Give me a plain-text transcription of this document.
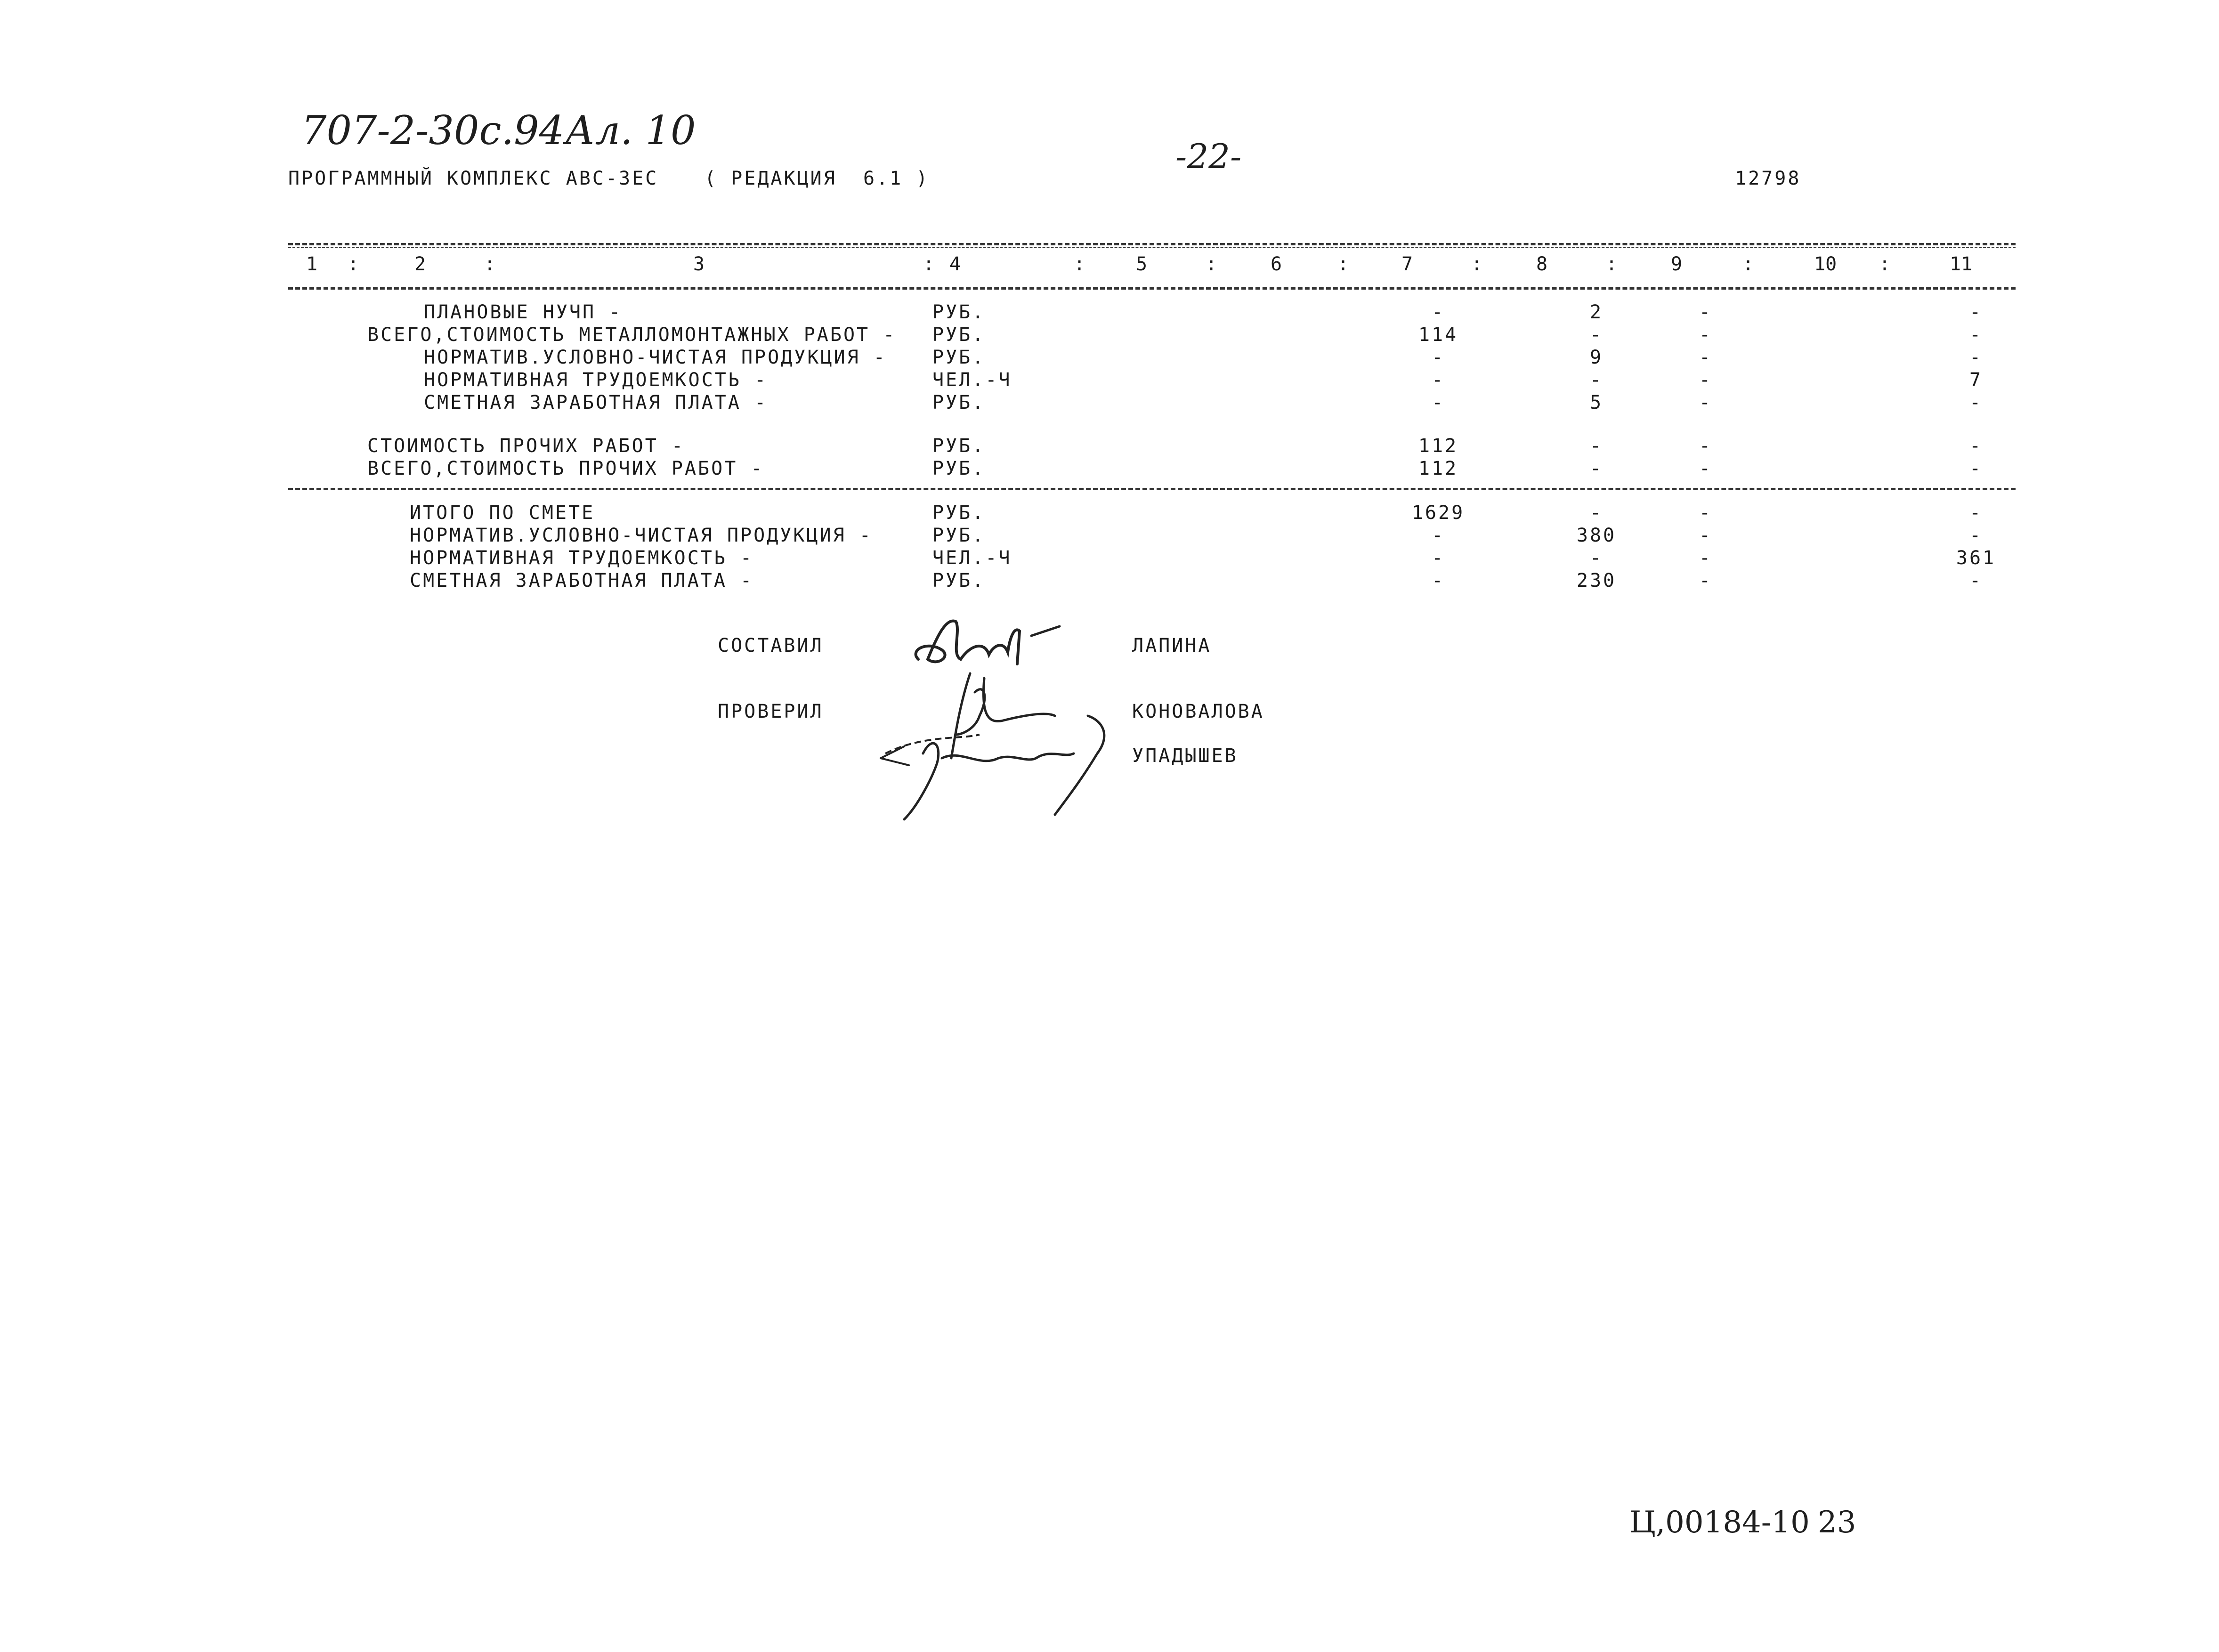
707-2-30с.94 Ал. 10
-22-
ПРОГРАММНЫЙ КОМПЛЕКС АВС-3ЕС ( РЕДАКЦИЯ  6.1 )	12798
1	2	3	4	5	6	7	8	9	10	11
:	:	:	:	:	:	:	:	:	:
ПЛАНОВЫЕ НУЧП -	РУБ.	-	2	-	-
ВСЕГО,СТОИМОСТЬ МЕТАЛЛОМОНТАЖНЫХ РАБОТ - РУБ.	114	-	-	-
НОРМАТИВ.УСЛОВНО-ЧИСТАЯ ПРОДУКЦИЯ - РУБ.	-	9	-	-
НОРМАТИВНАЯ ТРУДОЕМКОСТЬ -	ЧЕЛ.-Ч	-	-	-	7
СМЕТНАЯ ЗАРАБОТНАЯ ПЛАТА -	РУБ.	-	5	-	-
СТОИМОСТЬ ПРОЧИХ РАБОТ -	РУБ.	112	-	-	-
ВСЕГО,СТОИМОСТЬ ПРОЧИХ РАБОТ -	РУБ.	112	-	-	-
ИТОГО ПО СМЕТЕ	РУБ.	1629	-	-	-
НОРМАТИВ.УСЛОВНО-ЧИСТАЯ ПРОДУКЦИЯ -	РУБ.	-	380	-	-
НОРМАТИВНАЯ ТРУДОЕМКОСТЬ -	ЧЕЛ.-Ч	-	-	-	361
СМЕТНАЯ ЗАРАБОТНАЯ ПЛАТА -	РУБ.	-	230	-	-
СОСТАВИЛ	ЛАПИНА
ПРОВЕРИЛ	КОНОВАЛОВА
УПАДЫШЕВ
Ц,00184-10 23
